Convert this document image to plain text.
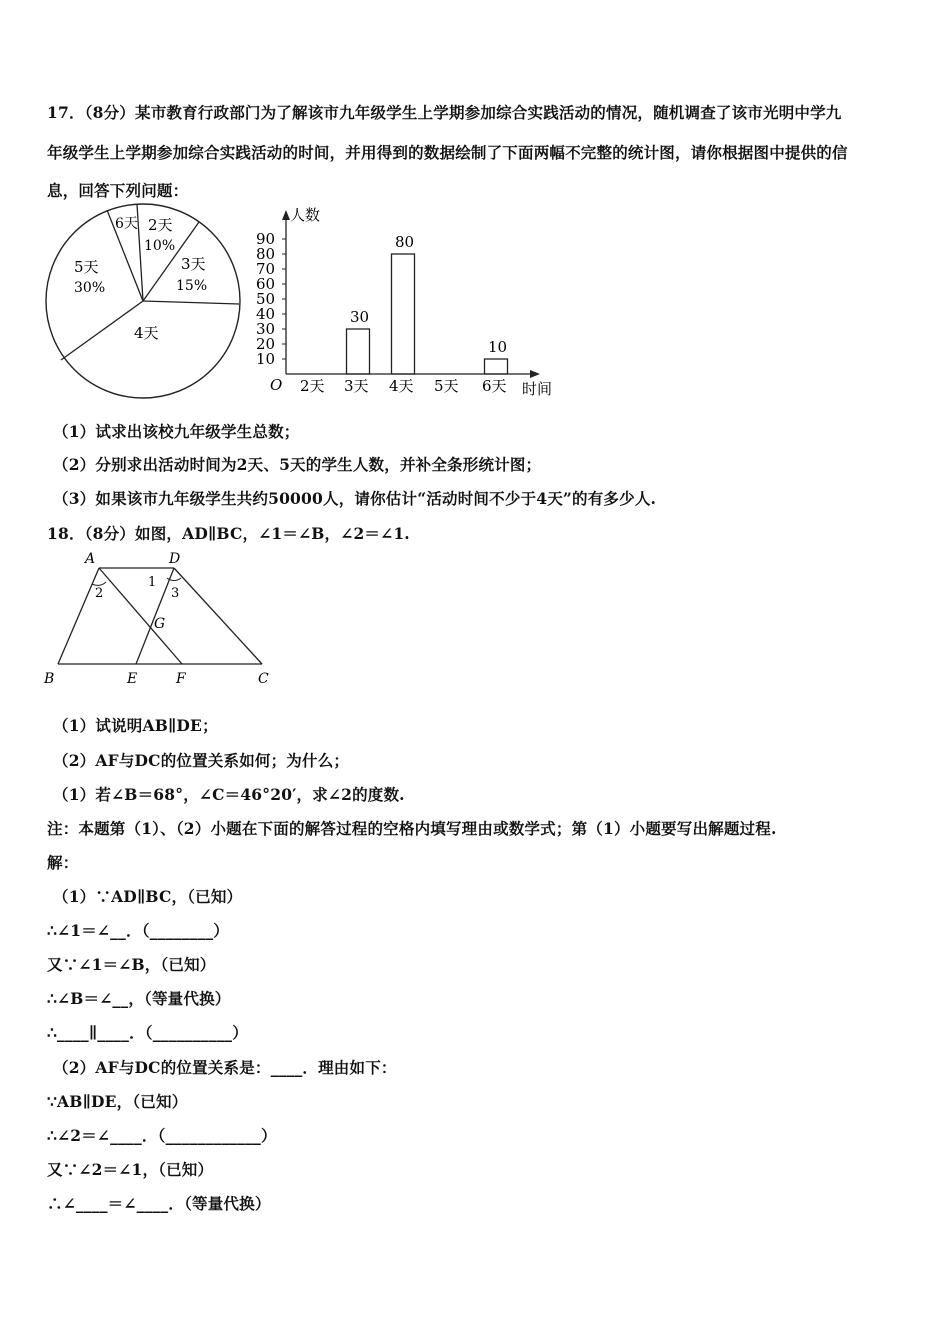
17．（8分）某市教育行政部门为了解该市九年级学生上学期参加综合实践活动的情况，随机调查了该市光明中学九
年级学生上学期参加综合实践活动的时间，并用得到的数据绘制了下面两幅不完整的统计图，请你根据图中提供的信
息，回答下列问题：
6天 2天
10%
3天
15%
5天
30%
4天
人数
时间
O
10
20
30
40
50
60
70
80
90
30
80
10
2天 3天 4天 5天 6天
（1）试求出该校九年级学生总数；
（2）分别求出活动时间为2天、5天的学生人数，并补全条形统计图；
（3）如果该市九年级学生共约50000人，请你估计“活动时间不少于4天”的有多少人.
18．（8分）如图，AD∥BC，∠1＝∠B，∠2＝∠1.
A	D
B	E	F	C
G
1
2	3
（1）试说明AB∥DE；
（2）AF与DC的位置关系如何；为什么；
（1）若∠B＝68°，∠C＝46°20′，求∠2的度数.
注：本题第（1）、（2）小题在下面的解答过程的空格内填写理由或数学式；第（1）小题要写出解题过程.
解：
（1）∵AD∥BC，（已知）
∴∠1＝∠__．（________）
又∵∠1＝∠B，（已知）
∴∠B＝∠__，（等量代换）
∴____∥____．（__________）
（2）AF与DC的位置关系是：____．理由如下：
∵AB∥DE，（已知）
∴∠2＝∠____．（____________）
又∵∠2＝∠1，（已知）
∴∠____＝∠____．（等量代换）
